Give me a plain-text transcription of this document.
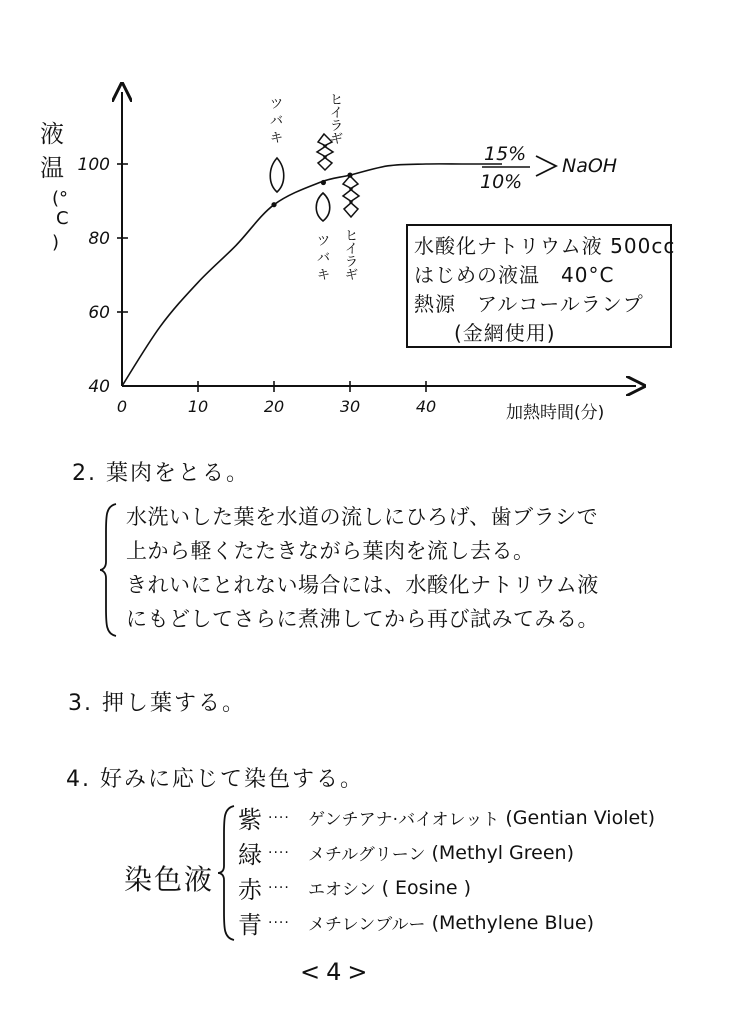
40
60
80
100
0	10	20	30	40
液温(° C )
加熱時間(分)
ツバキ
ヒイラギ
ツバキ
ヒイラギ
15%
10%
NaOH
水酸化ナトリウム液 500cc
はじめの液温　40°C
熱源　アルコールランプ
(金網使用)
2. 葉肉をとる。
水洗いした葉を水道の流しにひろげ、歯ブラシで
上から軽くたたきながら葉肉を流し去る。
きれいにとれない場合には、水酸化ナトリウム液
にもどしてさらに煮沸してから再び試みてみる。
3. 押し葉する。
4. 好みに応じて染色する。
染色液
紫 ····	ゲンチアナ·バイオレット (Gentian Violet)
緑 ····	メチルグリーン (Methyl Green)
赤 ····	エオシン ( Eosine )
青 ····	メチレンブルー (Methylene Blue)
<4>
